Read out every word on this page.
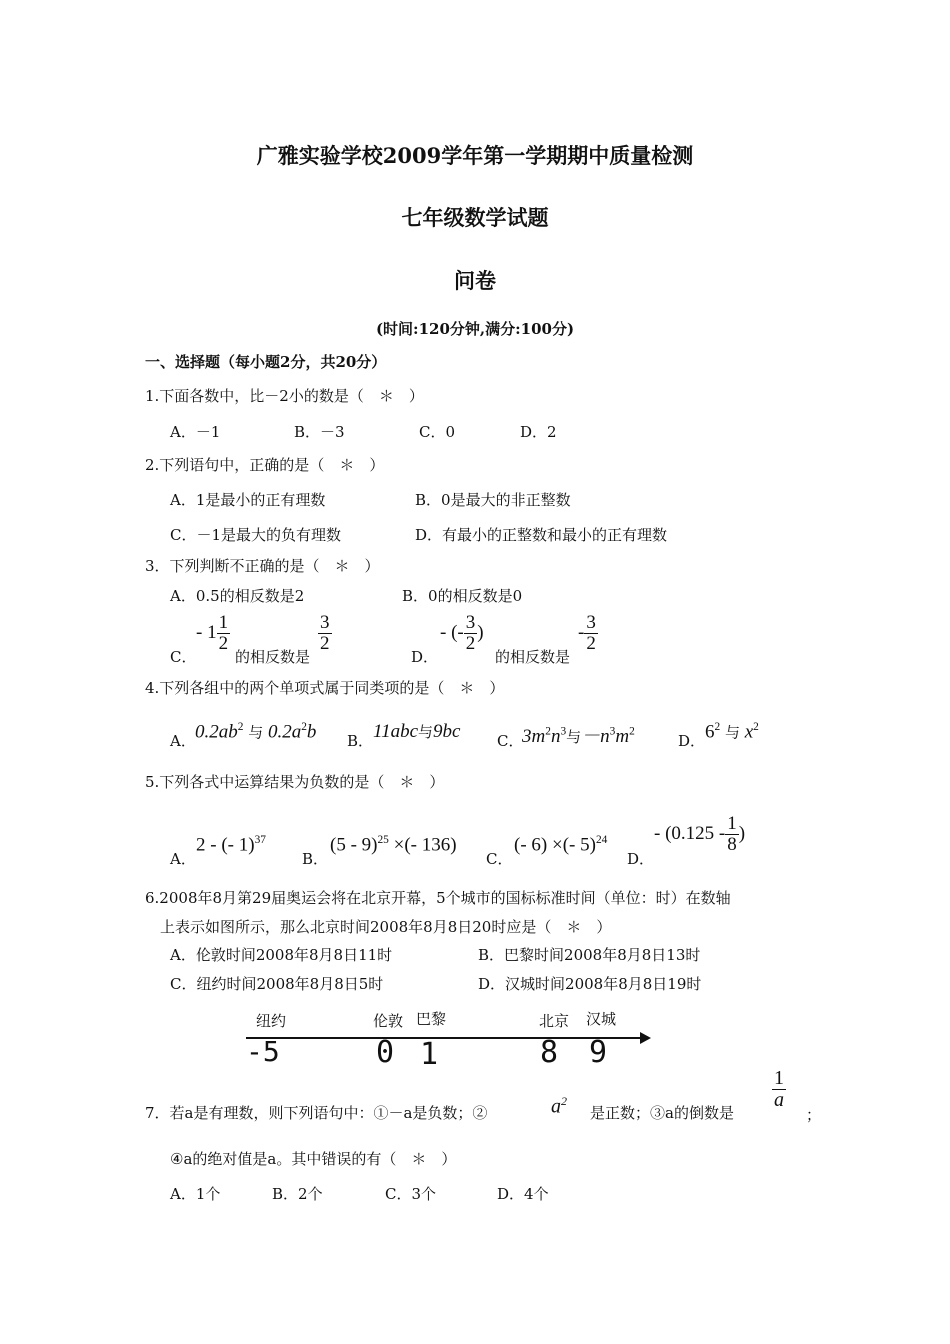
广雅实验学校2009学年第一学期期中质量检测
七年级数学试题
问卷
(时间:120分钟,满分:100分)
一、选择题（每小题2分，共20分）
1.下面各数中，比－2小的数是（　＊　）
A．－1	B．－3	C．0	D．2
2.下列语句中，正确的是（　＊　）
A．1是最小的正有理数	B．0是最大的非正整数
C．－1是最大的负有理数	D．有最小的正整数和最小的正有理数
3．下列判断不正确的是（　＊　）
A．0.5的相反数是2	B．0的相反数是0
C．
- $1 \frac{1}{2}$
的相反数是
$\frac{3}{2}$
D．
- (- $\frac{3}{2}$ )
的相反数是
- $\frac{3}{2}$
4.下列各组中的两个单项式属于同类项的是（　＊　）
A． $0.2ab^2$ 与 $0.2a^2b$ B． 11abc与9bc C．
$3m^2n^3$与$-n^3m^2$
D． $6^2$ 与 $x^2$
5.下列各式中运算结果为负数的是（　＊　）
A．
2 - (- 1)$^{37}$
B．
(5 - 9)$^{25}$ ×(- 136)
C．
(- 6) ×(- 5)$^{24}$
D．
- ($0.125 - \frac{1}{8}$ )
6.2008年8月第29届奥运会将在北京开幕，5个城市的国标标准时间（单位：时）在数轴
上表示如图所示，那么北京时间2008年8月8日20时应是（　＊　）
A．伦敦时间2008年8月8日11时	B．巴黎时间2008年8月8日13时
C．纽约时间2008年8月8日5时	D．汉城时间2008年8月8日19时
纽约	伦敦 巴黎	北京 汉城
-5	0 1	8 9
7．若a是有理数，则下列语句中：①－a是负数；②	$a^2$
是正数；③a的倒数是
$\frac{1}{a}$
；
④a的绝对值是a。其中错误的有（　＊　）
A．1个	B．2个	C．3个	D．4个
